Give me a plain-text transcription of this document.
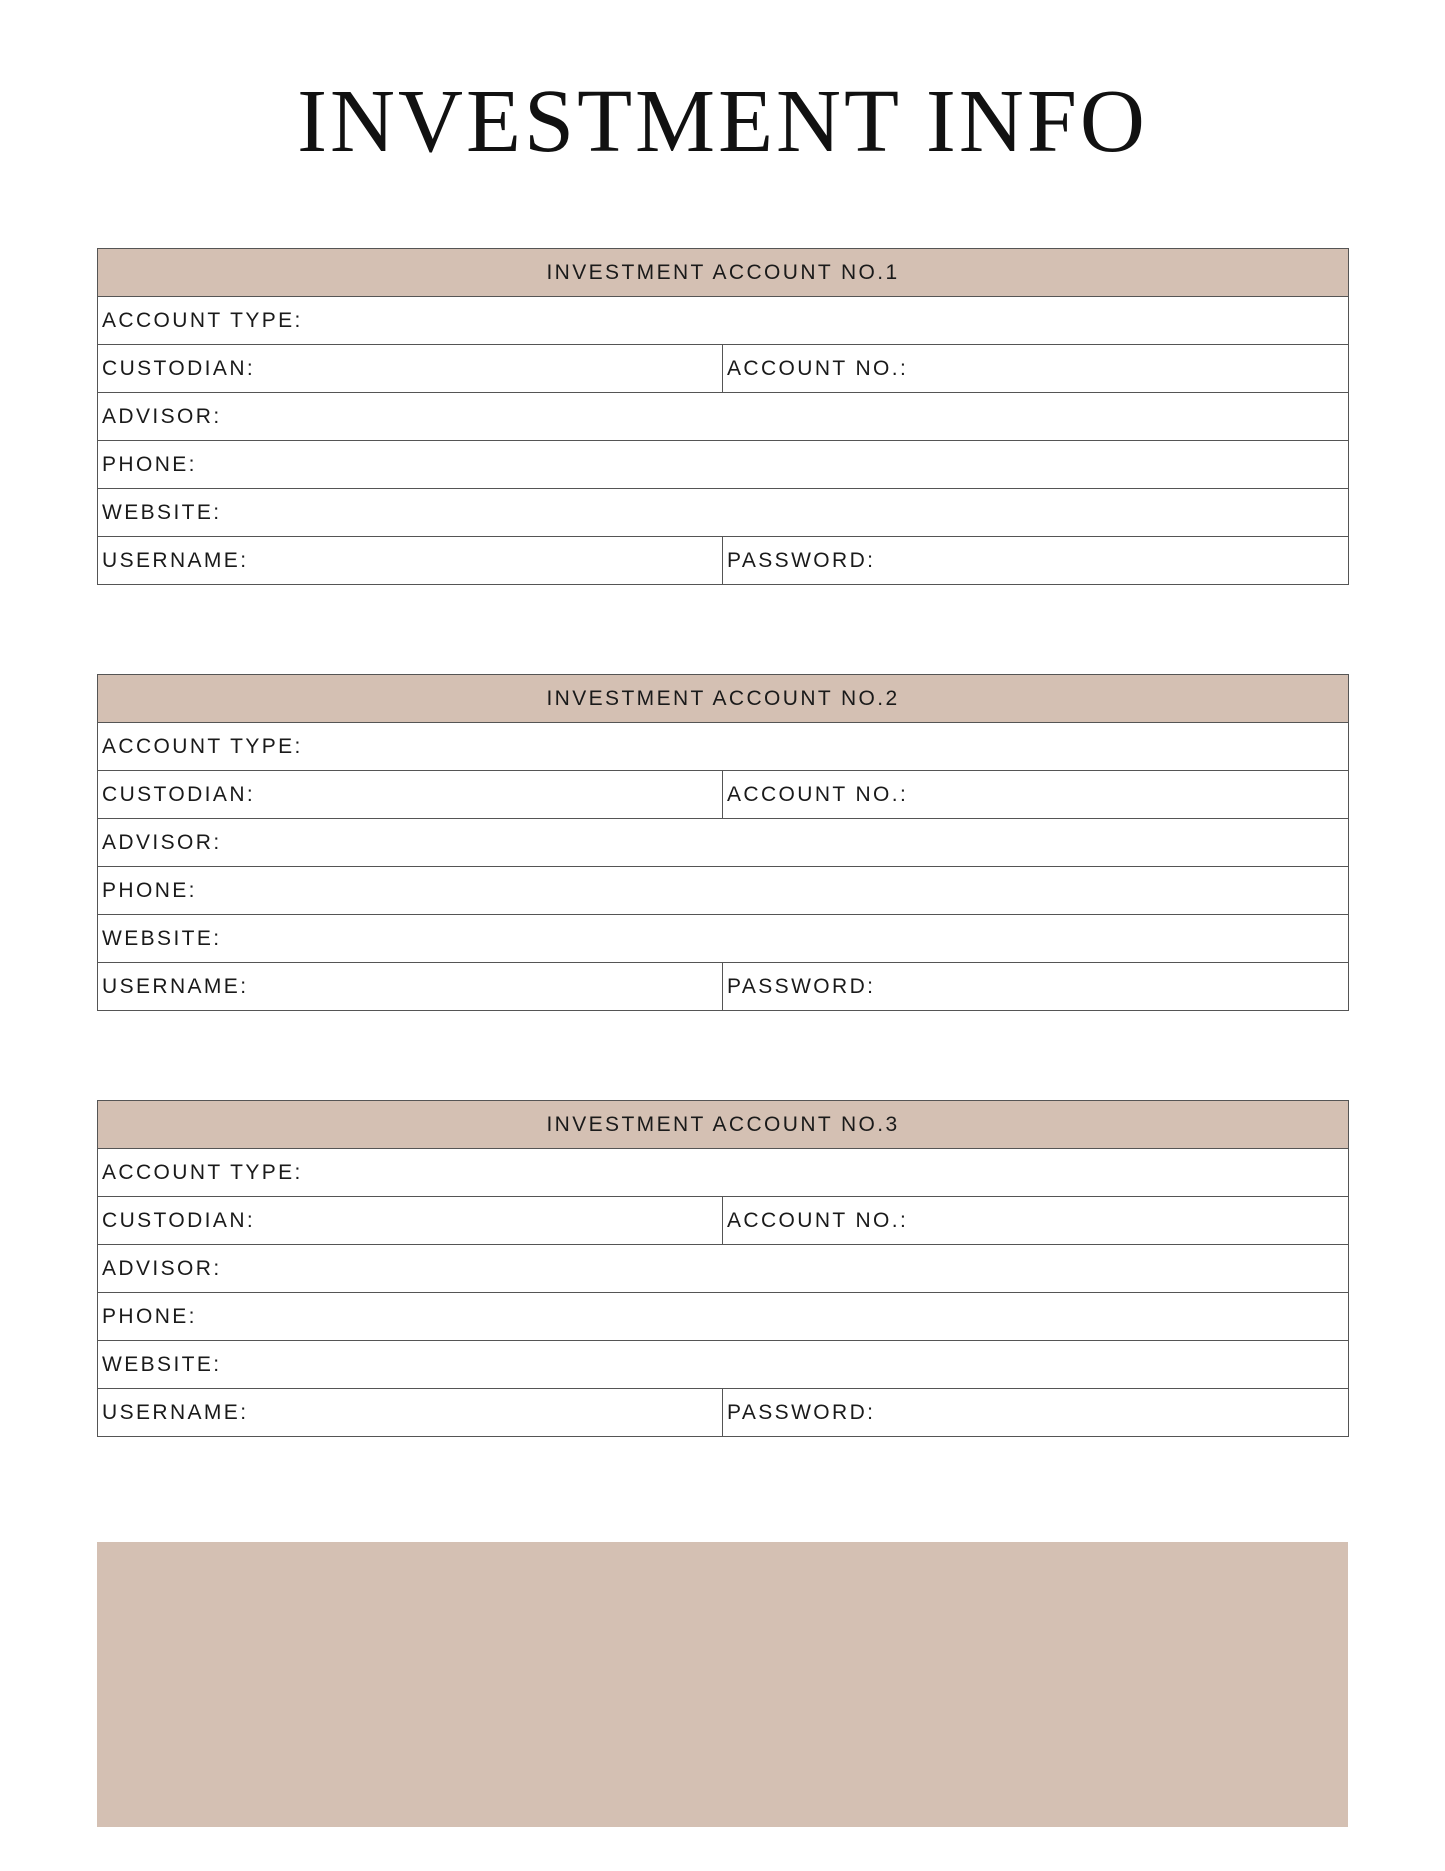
INVESTMENT INFO
INVESTMENT ACCOUNT NO.1	
ACCOUNT TYPE:	
CUSTODIAN:	ACCOUNT NO.:
ADVISOR:	
PHONE:	
WEBSITE:	
USERNAME:	PASSWORD:
INVESTMENT ACCOUNT NO.2	
ACCOUNT TYPE:	
CUSTODIAN:	ACCOUNT NO.:
ADVISOR:	
PHONE:	
WEBSITE:	
USERNAME:	PASSWORD:
INVESTMENT ACCOUNT NO.3	
ACCOUNT TYPE:	
CUSTODIAN:	ACCOUNT NO.:
ADVISOR:	
PHONE:	
WEBSITE:	
USERNAME:	PASSWORD:
